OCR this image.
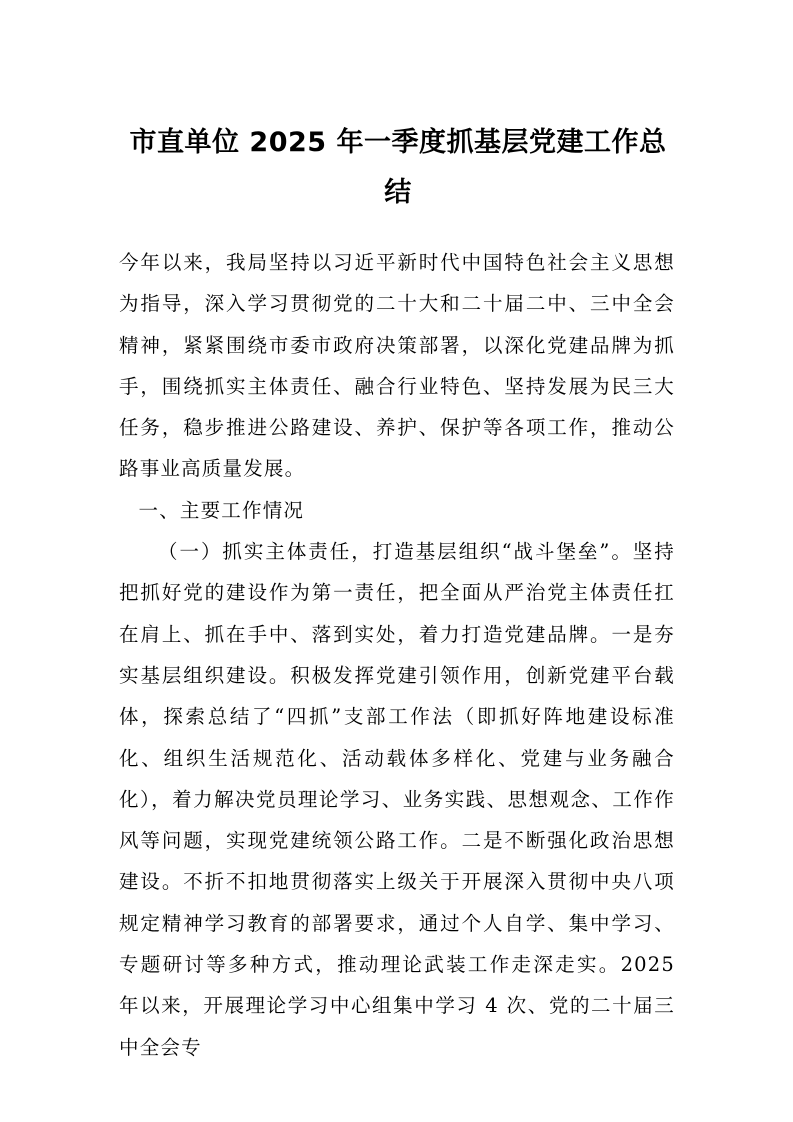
市直单位 2025 年一季度抓基层党建工作总
结

今年以来，我局坚持以习近平新时代中国特色社会主义思想为指导，深入学习贯彻党的二十大和二十届二中、三中全会精神，紧紧围绕市委市政府决策部署，以深化党建品牌为抓手，围绕抓实主体责任、融合行业特色、坚持发展为民三大任务，稳步推进公路建设、养护、保护等各项工作，推动公路事业高质量发展。

一、主要工作情况

（一）抓实主体责任，打造基层组织“战斗堡垒”。坚持把抓好党的建设作为第一责任，把全面从严治党主体责任扛在肩上、抓在手中、落到实处，着力打造党建品牌。一是夯实基层组织建设。积极发挥党建引领作用，创新党建平台载体，探索总结了“四抓”支部工作法（即抓好阵地建设标准化、组织生活规范化、活动载体多样化、党建与业务融合化），着力解决党员理论学习、业务实践、思想观念、工作作风等问题，实现党建统领公路工作。二是不断强化政治思想建设。不折不扣地贯彻落实上级关于开展深入贯彻中央八项规定精神学习教育的部署要求，通过个人自学、集中学习、专题研讨等多种方式，推动理论武装工作走深走实。2025 年以来，开展理论学习中心组集中学习 4 次、党的二十届三中全会专
